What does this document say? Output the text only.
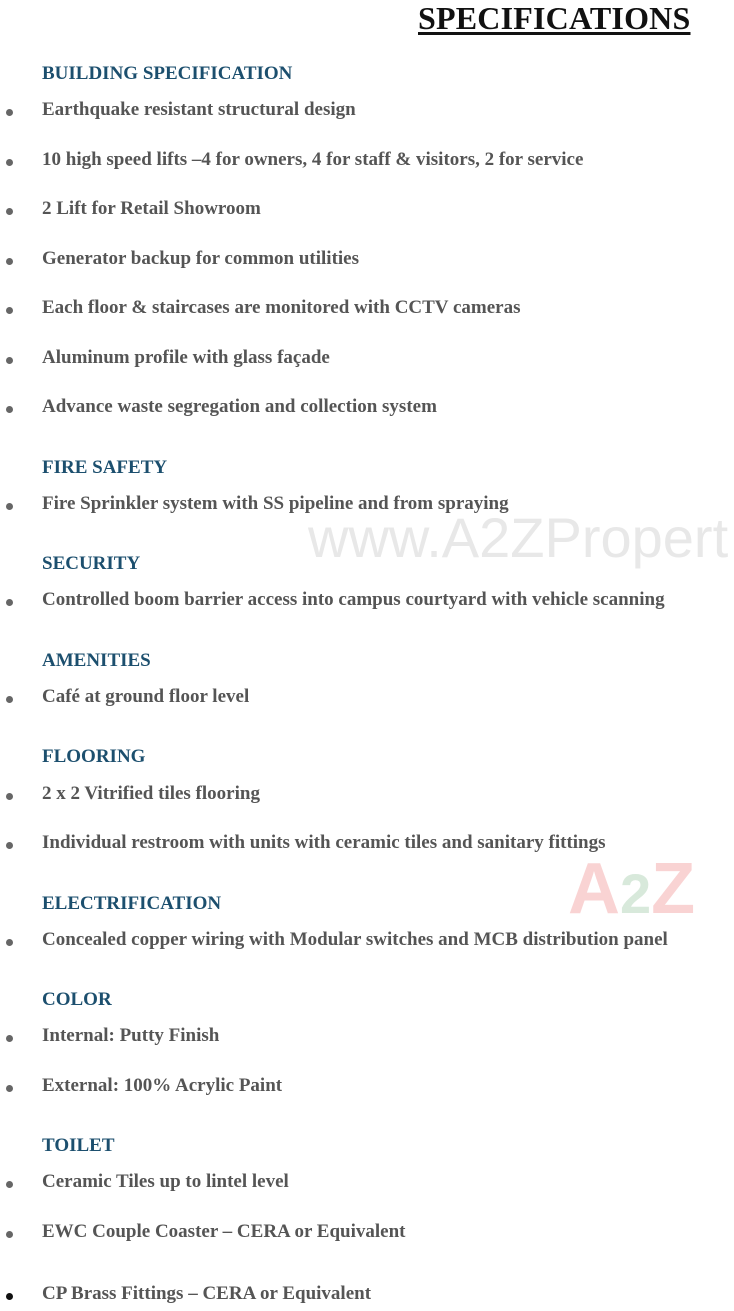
www.A2ZPropert
A2Z
SPECIFICATIONS
BUILDING SPECIFICATION
Earthquake resistant structural design
10 high speed lifts –4 for owners, 4 for staff & visitors, 2 for service
2 Lift for Retail Showroom
Generator backup for common utilities
Each floor & staircases are monitored with CCTV cameras
Aluminum profile with glass façade
Advance waste segregation and collection system
FIRE SAFETY
Fire Sprinkler system with SS pipeline and from spraying
SECURITY
Controlled boom barrier access into campus courtyard with vehicle scanning
AMENITIES
Café at ground floor level
FLOORING
2 x 2 Vitrified tiles flooring
Individual restroom with units with ceramic tiles and sanitary fittings
ELECTRIFICATION
Concealed copper wiring with Modular switches and MCB distribution panel
COLOR
Internal: Putty Finish
External: 100% Acrylic Paint
TOILET
Ceramic Tiles up to lintel level
EWC Couple Coaster – CERA or Equivalent
CP Brass Fittings – CERA or Equivalent
